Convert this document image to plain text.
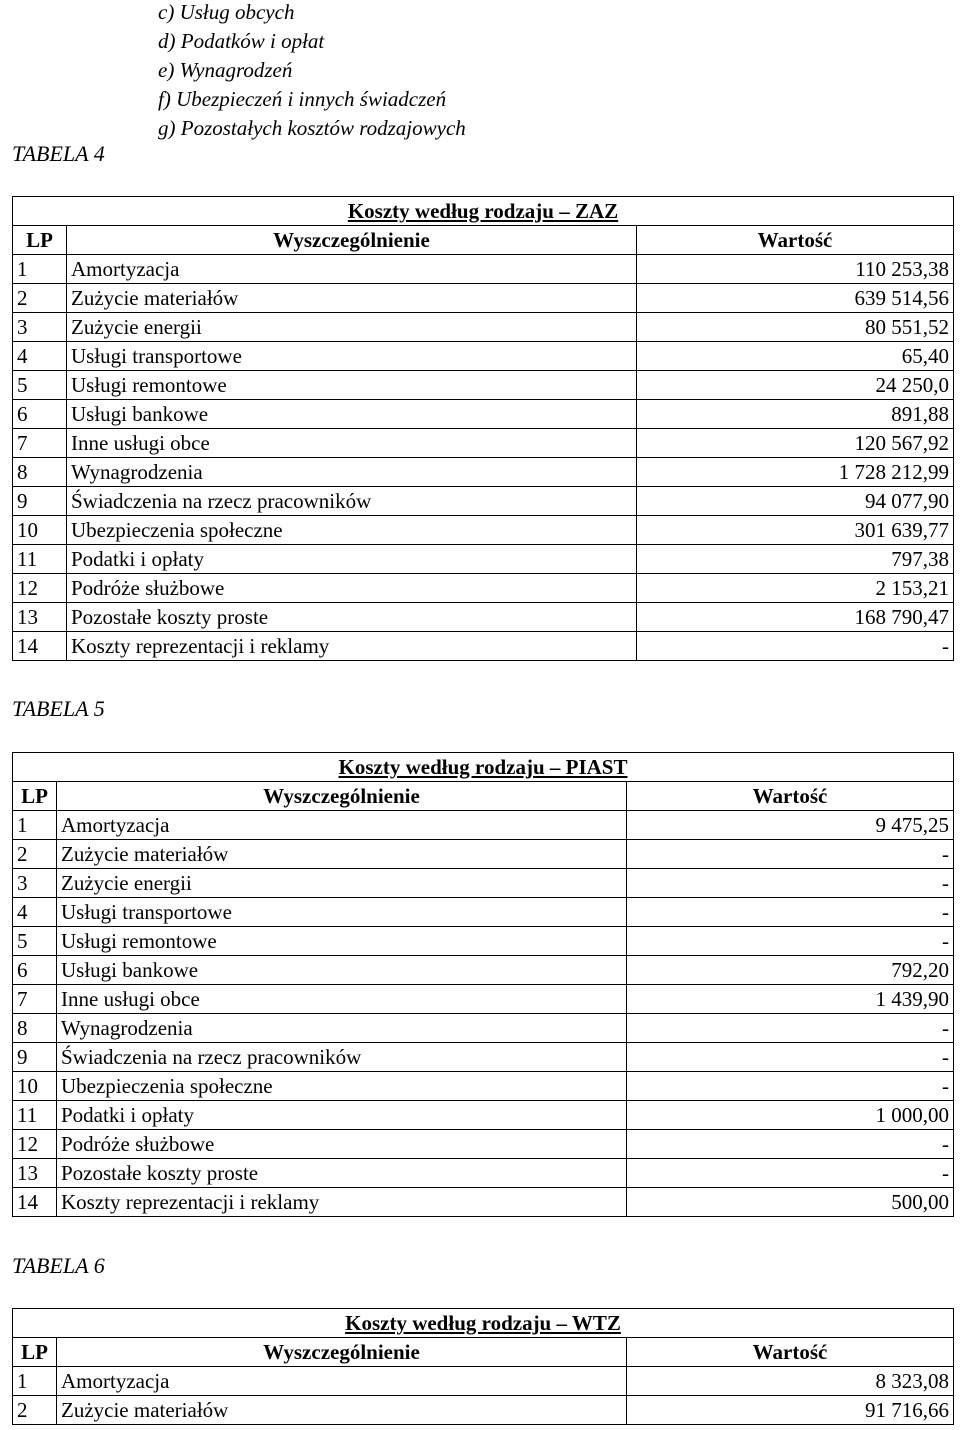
c) Usług obcych
d) Podatków i opłat
e) Wynagrodzeń
f) Ubezpieczeń i innych świadczeń
g) Pozostałych kosztów rodzajowych
TABELA 4
Koszty według rodzaju – ZAZ		
LP	Wyszczególnienie	Wartość
1	Amortyzacja	110 253,38
2	Zużycie materiałów	639 514,56
3	Zużycie energii	80 551,52
4	Usługi transportowe	65,40
5	Usługi remontowe	24 250,0
6	Usługi bankowe	891,88
7	Inne usługi obce	120 567,92
8	Wynagrodzenia	1 728 212,99
9	Świadczenia na rzecz pracowników	94 077,90
10	Ubezpieczenia społeczne	301 639,77
11	Podatki i opłaty	797,38
12	Podróże służbowe	2 153,21
13	Pozostałe koszty proste	168 790,47
14	Koszty reprezentacji i reklamy	-
TABELA 5
Koszty według rodzaju – PIAST		
LP	Wyszczególnienie	Wartość
1	Amortyzacja	9 475,25
2	Zużycie materiałów	-
3	Zużycie energii	-
4	Usługi transportowe	-
5	Usługi remontowe	-
6	Usługi bankowe	792,20
7	Inne usługi obce	1 439,90
8	Wynagrodzenia	-
9	Świadczenia na rzecz pracowników	-
10	Ubezpieczenia społeczne	-
11	Podatki i opłaty	1 000,00
12	Podróże służbowe	-
13	Pozostałe koszty proste	-
14	Koszty reprezentacji i reklamy	500,00
TABELA 6
Koszty według rodzaju – WTZ		
LP	Wyszczególnienie	Wartość
1	Amortyzacja	8 323,08
2	Zużycie materiałów	91 716,66
